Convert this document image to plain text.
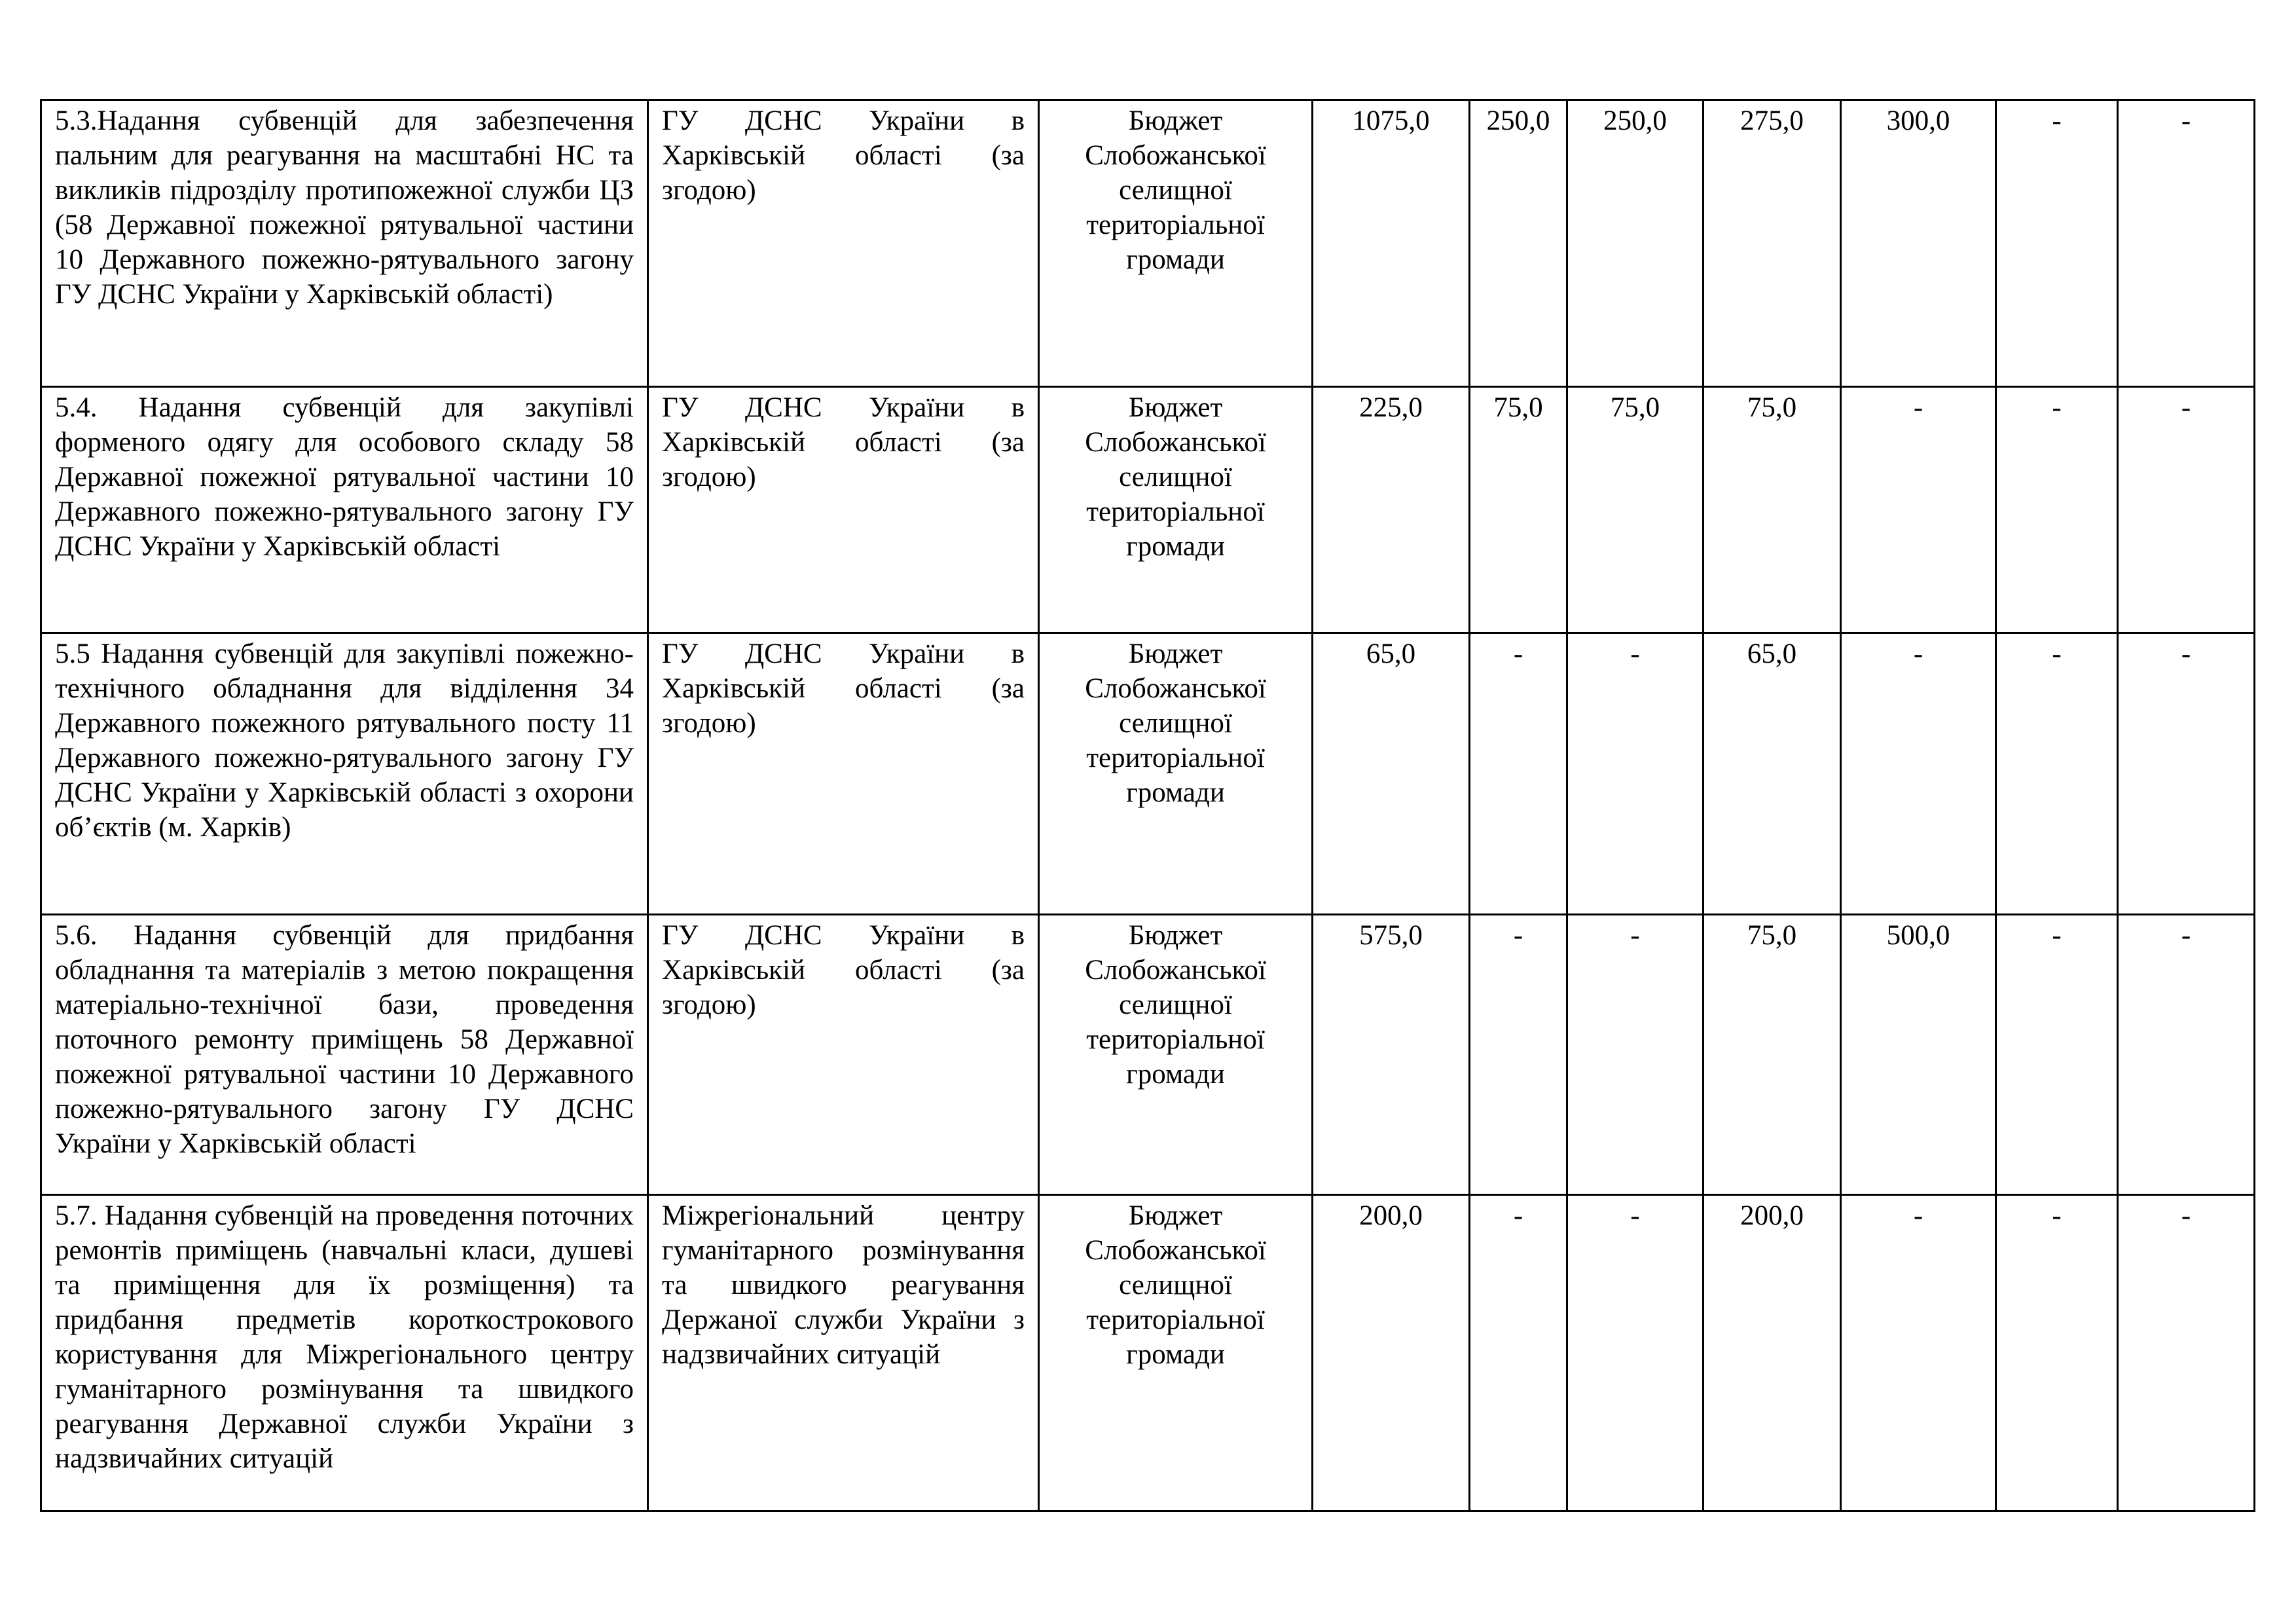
5.3.Надання субвенцій для забезпечення пальним для реагування на масштабні НС та викликів підрозділу протипожежної служби ЦЗ (58 Державної пожежної рятувальної частини 10 Державного пожежно-рятувального загону ГУ ДСНС України у Харківській області)	ГУ ДСНС України в Харківській області (за згодою)	Бюджет Слобожанської селищної територіальної громади	1075,0	250,0	250,0	275,0	300,0	-	-
5.4. Надання субвенцій для закупівлі форменого одягу для особового складу 58 Державної пожежної рятувальної частини 10 Державного пожежно-рятувального загону ГУ ДСНС України у Харківській області	ГУ ДСНС України в Харківській області (за згодою)	Бюджет Слобожанської селищної територіальної громади	225,0	75,0	75,0	75,0	-	-	-
5.5 Надання субвенцій для закупівлі пожежно-технічного обладнання для відділення 34 Державного пожежного рятувального посту 11 Державного пожежно-рятувального загону ГУ ДСНС України у Харківській області з охорони об’єктів (м. Харків)	ГУ ДСНС України в Харківській області (за згодою)	Бюджет Слобожанської селищної територіальної громади	65,0	-	-	65,0	-	-	-
5.6. Надання субвенцій для придбання обладнання та матеріалів з метою покращення матеріально-технічної бази, проведення поточного ремонту приміщень 58 Державної пожежної рятувальної частини 10 Державного пожежно-рятувального загону ГУ ДСНС України у Харківській області	ГУ ДСНС України в Харківській області (за згодою)	Бюджет Слобожанської селищної територіальної громади	575,0	-	-	75,0	500,0	-	-
5.7. Надання субвенцій на проведення поточних ремонтів приміщень (навчальні класи, душеві та приміщення для їх розміщення) та придбання предметів короткострокового користування для Міжрегіонального центру гуманітарного розмінування та швидкого реагування Державної служби України з надзвичайних ситуацій	Міжрегіональний центру гуманітарного розмінування та швидкого реагування Держаної служби України з надзвичайних ситуацій	Бюджет Слобожанської селищної територіальної громади	200,0	-	-	200,0	-	-	-
